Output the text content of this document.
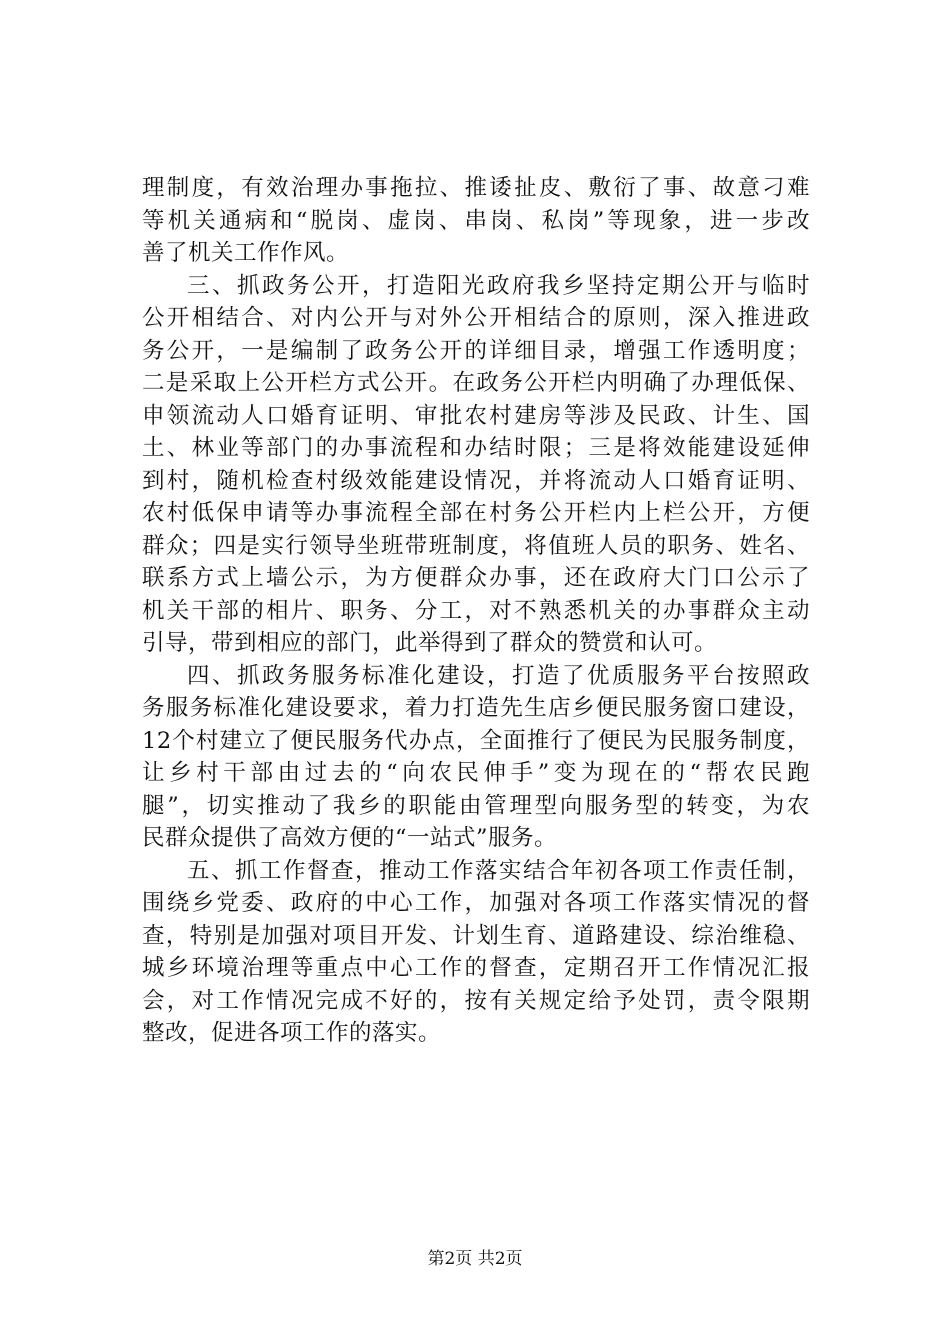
理制度，有效治理办事拖拉、推诿扯皮、敷衍了事、故意刁难
等机关通病和“脱岗、虚岗、串岗、私岗”等现象，进一步改
善了机关工作作风。
三、抓政务公开，打造阳光政府我乡坚持定期公开与临时
公开相结合、对内公开与对外公开相结合的原则，深入推进政
务公开，一是编制了政务公开的详细目录，增强工作透明度；
二是采取上公开栏方式公开。在政务公开栏内明确了办理低保、
申领流动人口婚育证明、审批农村建房等涉及民政、计生、国
土、林业等部门的办事流程和办结时限；三是将效能建设延伸
到村，随机检查村级效能建设情况，并将流动人口婚育证明、
农村低保申请等办事流程全部在村务公开栏内上栏公开，方便
群众；四是实行领导坐班带班制度，将值班人员的职务、姓名、
联系方式上墙公示，为方便群众办事，还在政府大门口公示了
机关干部的相片、职务、分工，对不熟悉机关的办事群众主动
引导，带到相应的部门，此举得到了群众的赞赏和认可。
四、抓政务服务标准化建设，打造了优质服务平台按照政
务服务标准化建设要求，着力打造先生店乡便民服务窗口建设，
12个村建立了便民服务代办点，全面推行了便民为民服务制度，
让乡村干部由过去的“向农民伸手”变为现在的“帮农民跑
腿”，切实推动了我乡的职能由管理型向服务型的转变，为农
民群众提供了高效方便的“一站式”服务。
五、抓工作督查，推动工作落实结合年初各项工作责任制，
围绕乡党委、政府的中心工作，加强对各项工作落实情况的督
查，特别是加强对项目开发、计划生育、道路建设、综治维稳、
城乡环境治理等重点中心工作的督查，定期召开工作情况汇报
会，对工作情况完成不好的，按有关规定给予处罚，责令限期
整改，促进各项工作的落实。
第2页 共2页
